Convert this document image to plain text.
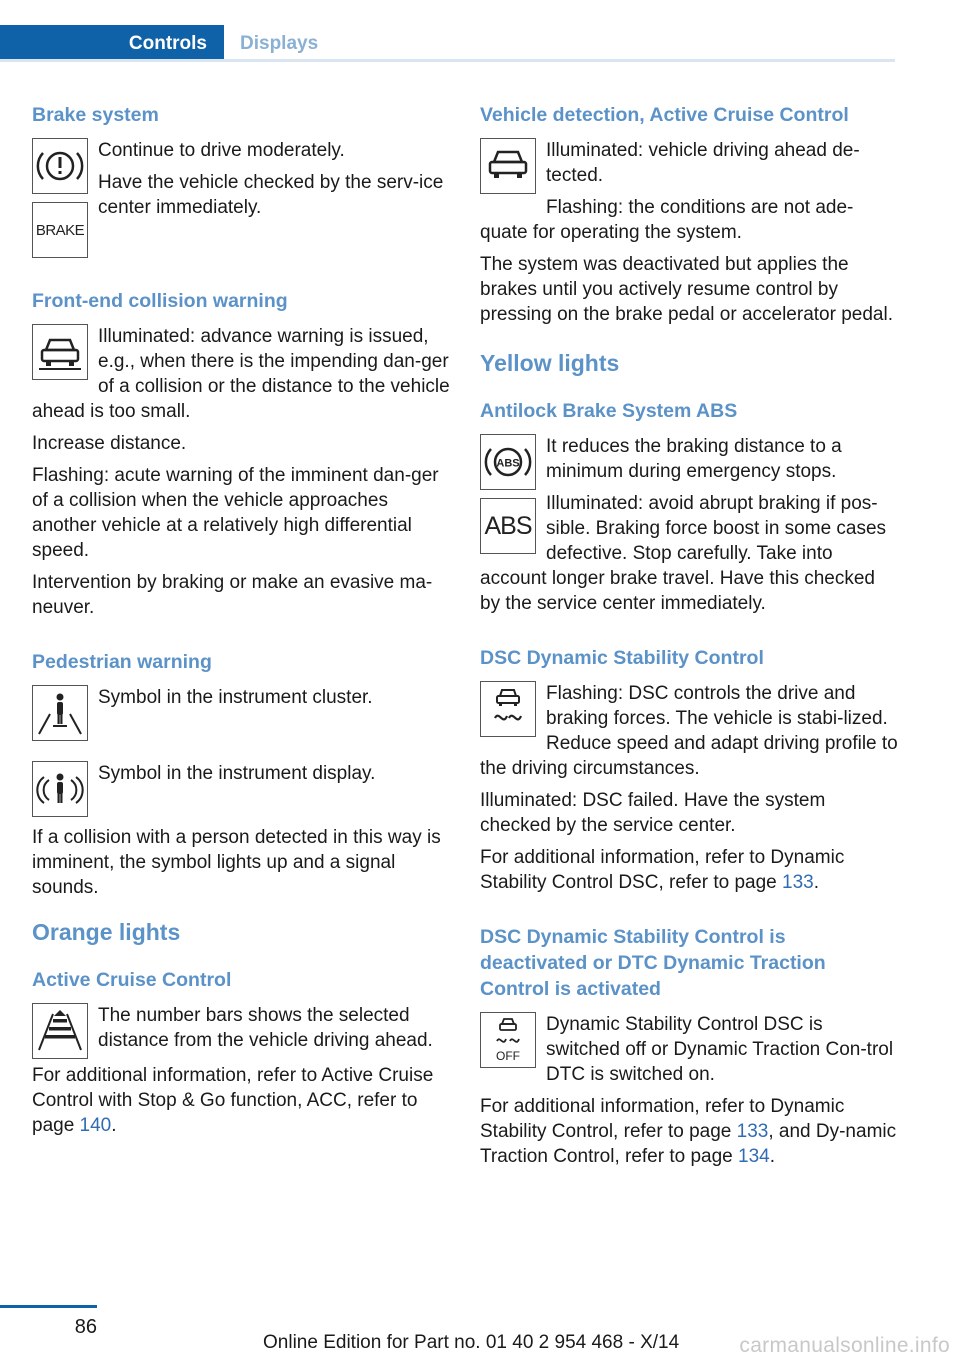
Controls	Displays
Brake system
BRAKE

Continue to drive moderately.

Have the vehicle checked by the serv-ice center immediately.

Front-end collision warning

Illuminated: advance warning is issued, e.g., when there is the impending dan-ger of a collision or the distance to the vehicle ahead is too small.

Increase distance.

Flashing: acute warning of the imminent dan-ger of a collision when the vehicle approaches another vehicle at a relatively high differential speed.

Intervention by braking or make an evasive ma-neuver.

Pedestrian warning

Symbol in the instrument cluster.

Symbol in the instrument display.

If a collision with a person detected in this way is imminent, the symbol lights up and a signal sounds.

Orange lights
Active Cruise Control

The number bars shows the selected distance from the vehicle driving ahead.

For additional information, refer to Active Cruise Control with Stop & Go function, ACC, refer to page 140.

Vehicle detection, Active Cruise Control

Illuminated: vehicle driving ahead de-tected.

Flashing: the conditions are not ade-quate for operating the system.

The system was deactivated but applies the brakes until you actively resume control by pressing on the brake pedal or accelerator pedal.

Yellow lights
Antilock Brake System ABS
ABS
ABS

It reduces the braking distance to a minimum during emergency stops.

Illuminated: avoid abrupt braking if pos-sible. Braking force boost in some cases defective. Stop carefully. Take into account longer brake travel. Have this checked by the service center immediately.

DSC Dynamic Stability Control

Flashing: DSC controls the drive and braking forces. The vehicle is stabi-lized. Reduce speed and adapt driving profile to the driving circumstances.

Illuminated: DSC failed. Have the system checked by the service center.

For additional information, refer to Dynamic Stability Control DSC, refer to page 133.

DSC Dynamic Stability Control is deactivated or DTC Dynamic Traction Control is activated
OFF

Dynamic Stability Control DSC is switched off or Dynamic Traction Con-trol DTC is switched on.

For additional information, refer to Dynamic Stability Control, refer to page 133, and Dy-namic Traction Control, refer to page 134.

86
Online Edition for Part no. 01 40 2 954 468 - X/14	carmanualsonline.info
